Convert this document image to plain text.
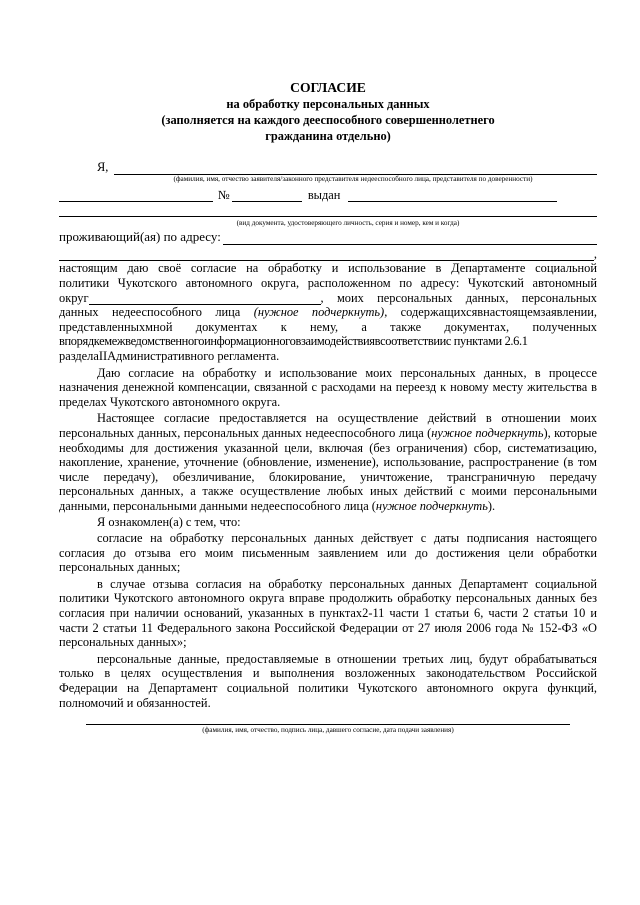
СОГЛАСИЕ
на обработку персональных данных
(заполняется на каждого дееспособного совершеннолетнего
гражданина отдельно)
Я,
(фамилия, имя, отчество заявителя/законного представителя недееспособного лица, представителя по доверенности)
№	выдан
(вид документа, удостоверяющего личность, серия и номер, кем и когда)
проживающий(ая) по адресу:
,
настоящим даю своё согласие на обработку и использование в Департаменте социальной
политики Чукотского автономного округа, расположенном по адресу: Чукотский автономный
округ	, моих персональных данных, персональных
данных недееспособного лица (нужное подчеркнуть), содержащихсявнастоящемзаявлении,
представленныхмной документах к нему, а также документах, полученных
впорядкемежведомственногоинформационноговзаимодействиявсоответствиис пунктами 2.6.1
разделаIIАдминистративного регламента.
Даю согласие на обработку и использование моих персональных данных, в процессе назначения денежной компенсации, связанной с расходами на переезд к новому месту жительства в пределах Чукотского автономного округа.
Настоящее согласие предоставляется на осуществление действий в отношении моих персональных данных, персональных данных недееспособного лица (нужное подчеркнуть), которые необходимы для достижения указанной цели, включая (без ограничения) сбор, систематизацию, накопление, хранение, уточнение (обновление, изменение), использование, распространение (в том числе передачу), обезличивание, блокирование, уничтожение, трансграничную передачу персональных данных, а также осуществление любых иных действий с моими персональными данными, персональными данными недееспособного лица (нужное подчеркнуть).
Я ознакомлен(а) с тем, что:
согласие на обработку персональных данных действует с даты подписания настоящего согласия до отзыва его моим письменным заявлением или до достижения цели обработки персональных данных;
в случае отзыва согласия на обработку персональных данных Департамент социальной политики Чукотского автономного округа вправе продолжить обработку персональных данных без согласия при наличии оснований, указанных в пунктах2-11 части 1 статьи 6, части 2 статьи 10 и части 2 статьи 11 Федерального закона Российской Федерации от 27 июля 2006 года № 152-ФЗ «О персональных данных»;
персональные данные, предоставляемые в отношении третьих лиц, будут обрабатываться только в целях осуществления и выполнения возложенных законодательством Российской Федерации на Департамент социальной политики Чукотского автономного округа функций, полномочий и обязанностей.
(фамилия, имя, отчество, подпись лица, давшего согласие, дата подачи заявления)
